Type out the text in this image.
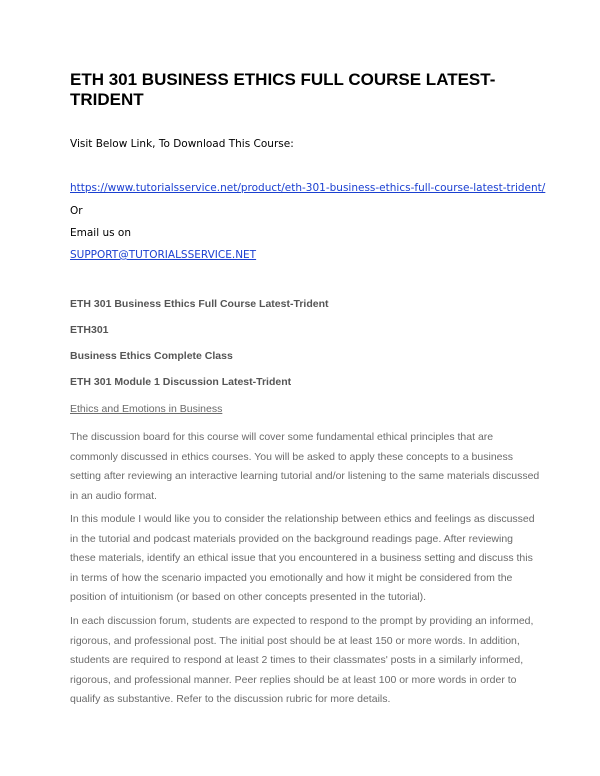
ETH 301 BUSINESS ETHICS FULL COURSE LATEST-TRIDENT

Visit Below Link, To Download This Course:

https://www.tutorialsservice.net/product/eth-301-business-ethics-full-course-latest-trident/

Or

Email us on

SUPPORT@TUTORIALSSERVICE.NET

ETH 301 Business Ethics Full Course Latest-Trident

ETH301

Business Ethics Complete Class

ETH 301 Module 1 Discussion Latest-Trident

Ethics and Emotions in Business

The discussion board for this course will cover some fundamental ethical principles that are commonly discussed in ethics courses. You will be asked to apply these concepts to a business setting after reviewing an interactive learning tutorial and/or listening to the same materials discussed in an audio format.

In this module I would like you to consider the relationship between ethics and feelings as discussed in the tutorial and podcast materials provided on the background readings page. After reviewing these materials, identify an ethical issue that you encountered in a business setting and discuss this in terms of how the scenario impacted you emotionally and how it might be considered from the position of intuitionism (or based on other concepts presented in the tutorial).

In each discussion forum, students are expected to respond to the prompt by providing an informed, rigorous, and professional post. The initial post should be at least 150 or more words. In addition, students are required to respond at least 2 times to their classmates' posts in a similarly informed, rigorous, and professional manner. Peer replies should be at least 100 or more words in order to qualify as substantive. Refer to the discussion rubric for more details.
